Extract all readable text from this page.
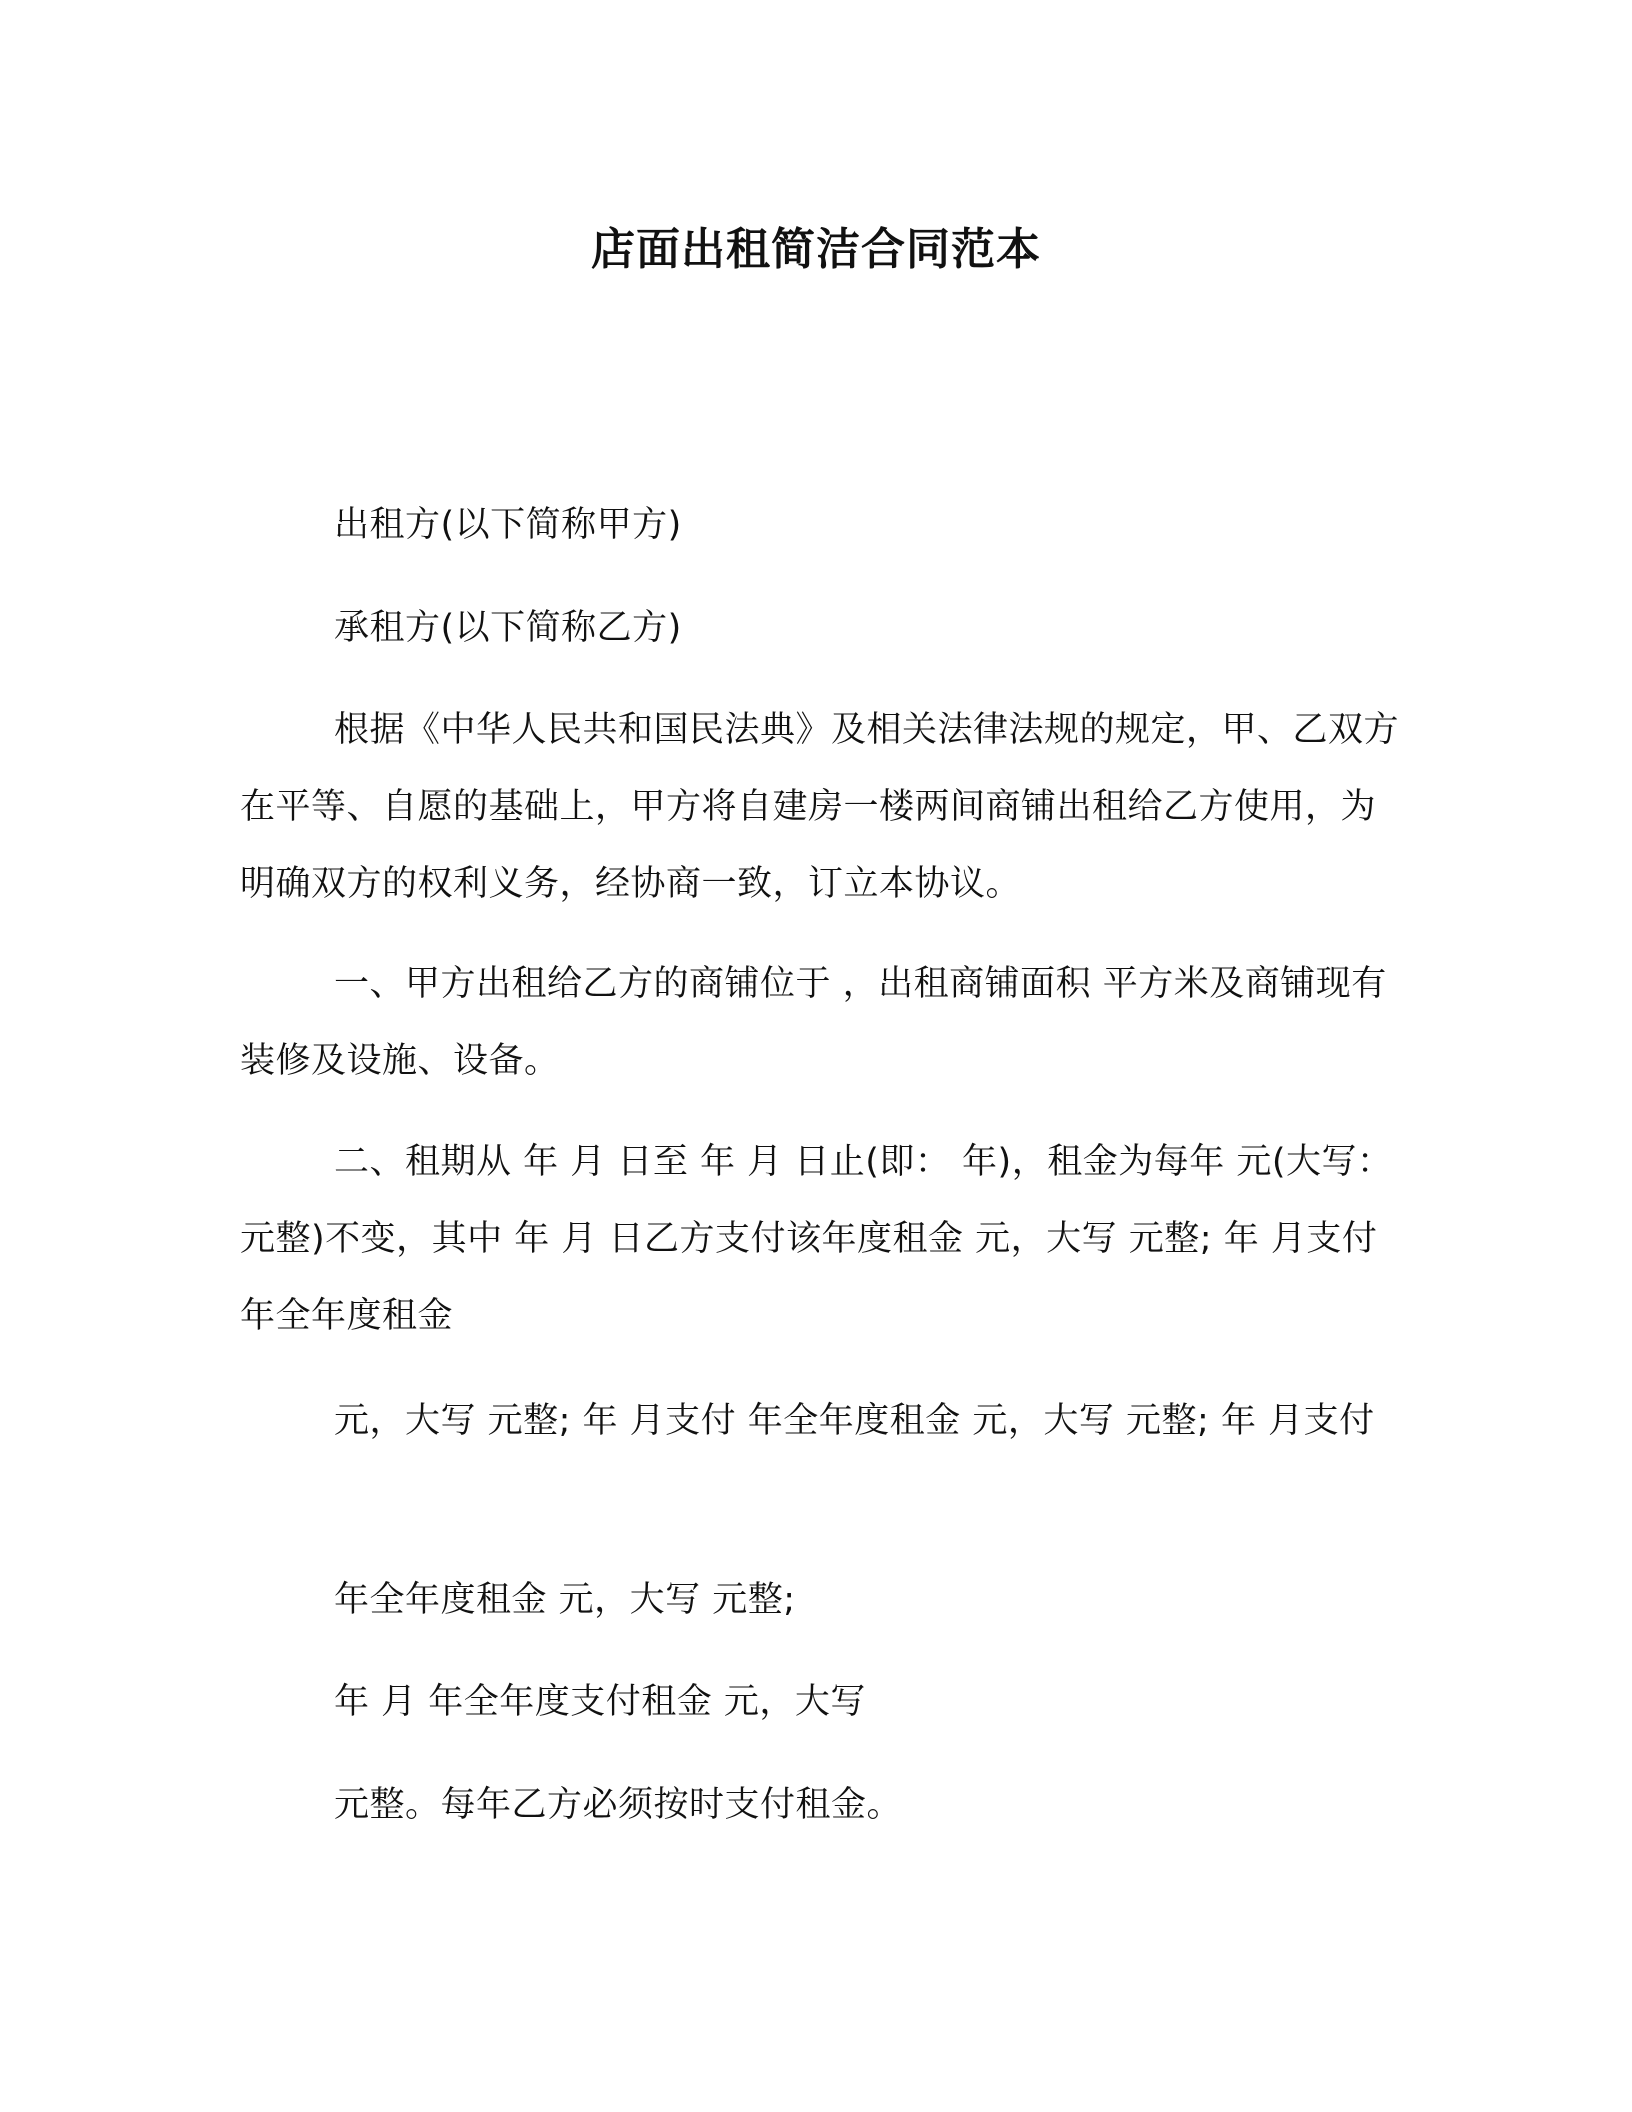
店面出租简洁合同范本
出租方(以下简称甲方)
承租方(以下简称乙方)
根据《中华人民共和国民法典》及相关法律法规的规定，甲、乙双方在平等、自愿的基础上，甲方将自建房一楼两间商铺出租给乙方使用，为明确双方的权利义务，经协商一致，订立本协议。
一、甲方出租给乙方的商铺位于 ，出租商铺面积 平方米及商铺现有装修及设施、设备。
二、租期从 年 月 日至 年 月 日止(即： 年)，租金为每年 元(大写：元整)不变，其中 年 月 日乙方支付该年度租金 元，大写 元整; 年 月支付 年全年度租金
元，大写 元整; 年 月支付 年全年度租金 元，大写 元整; 年 月支付
年全年度租金 元，大写 元整;
年 月 年全年度支付租金 元，大写
元整。每年乙方必须按时支付租金。
